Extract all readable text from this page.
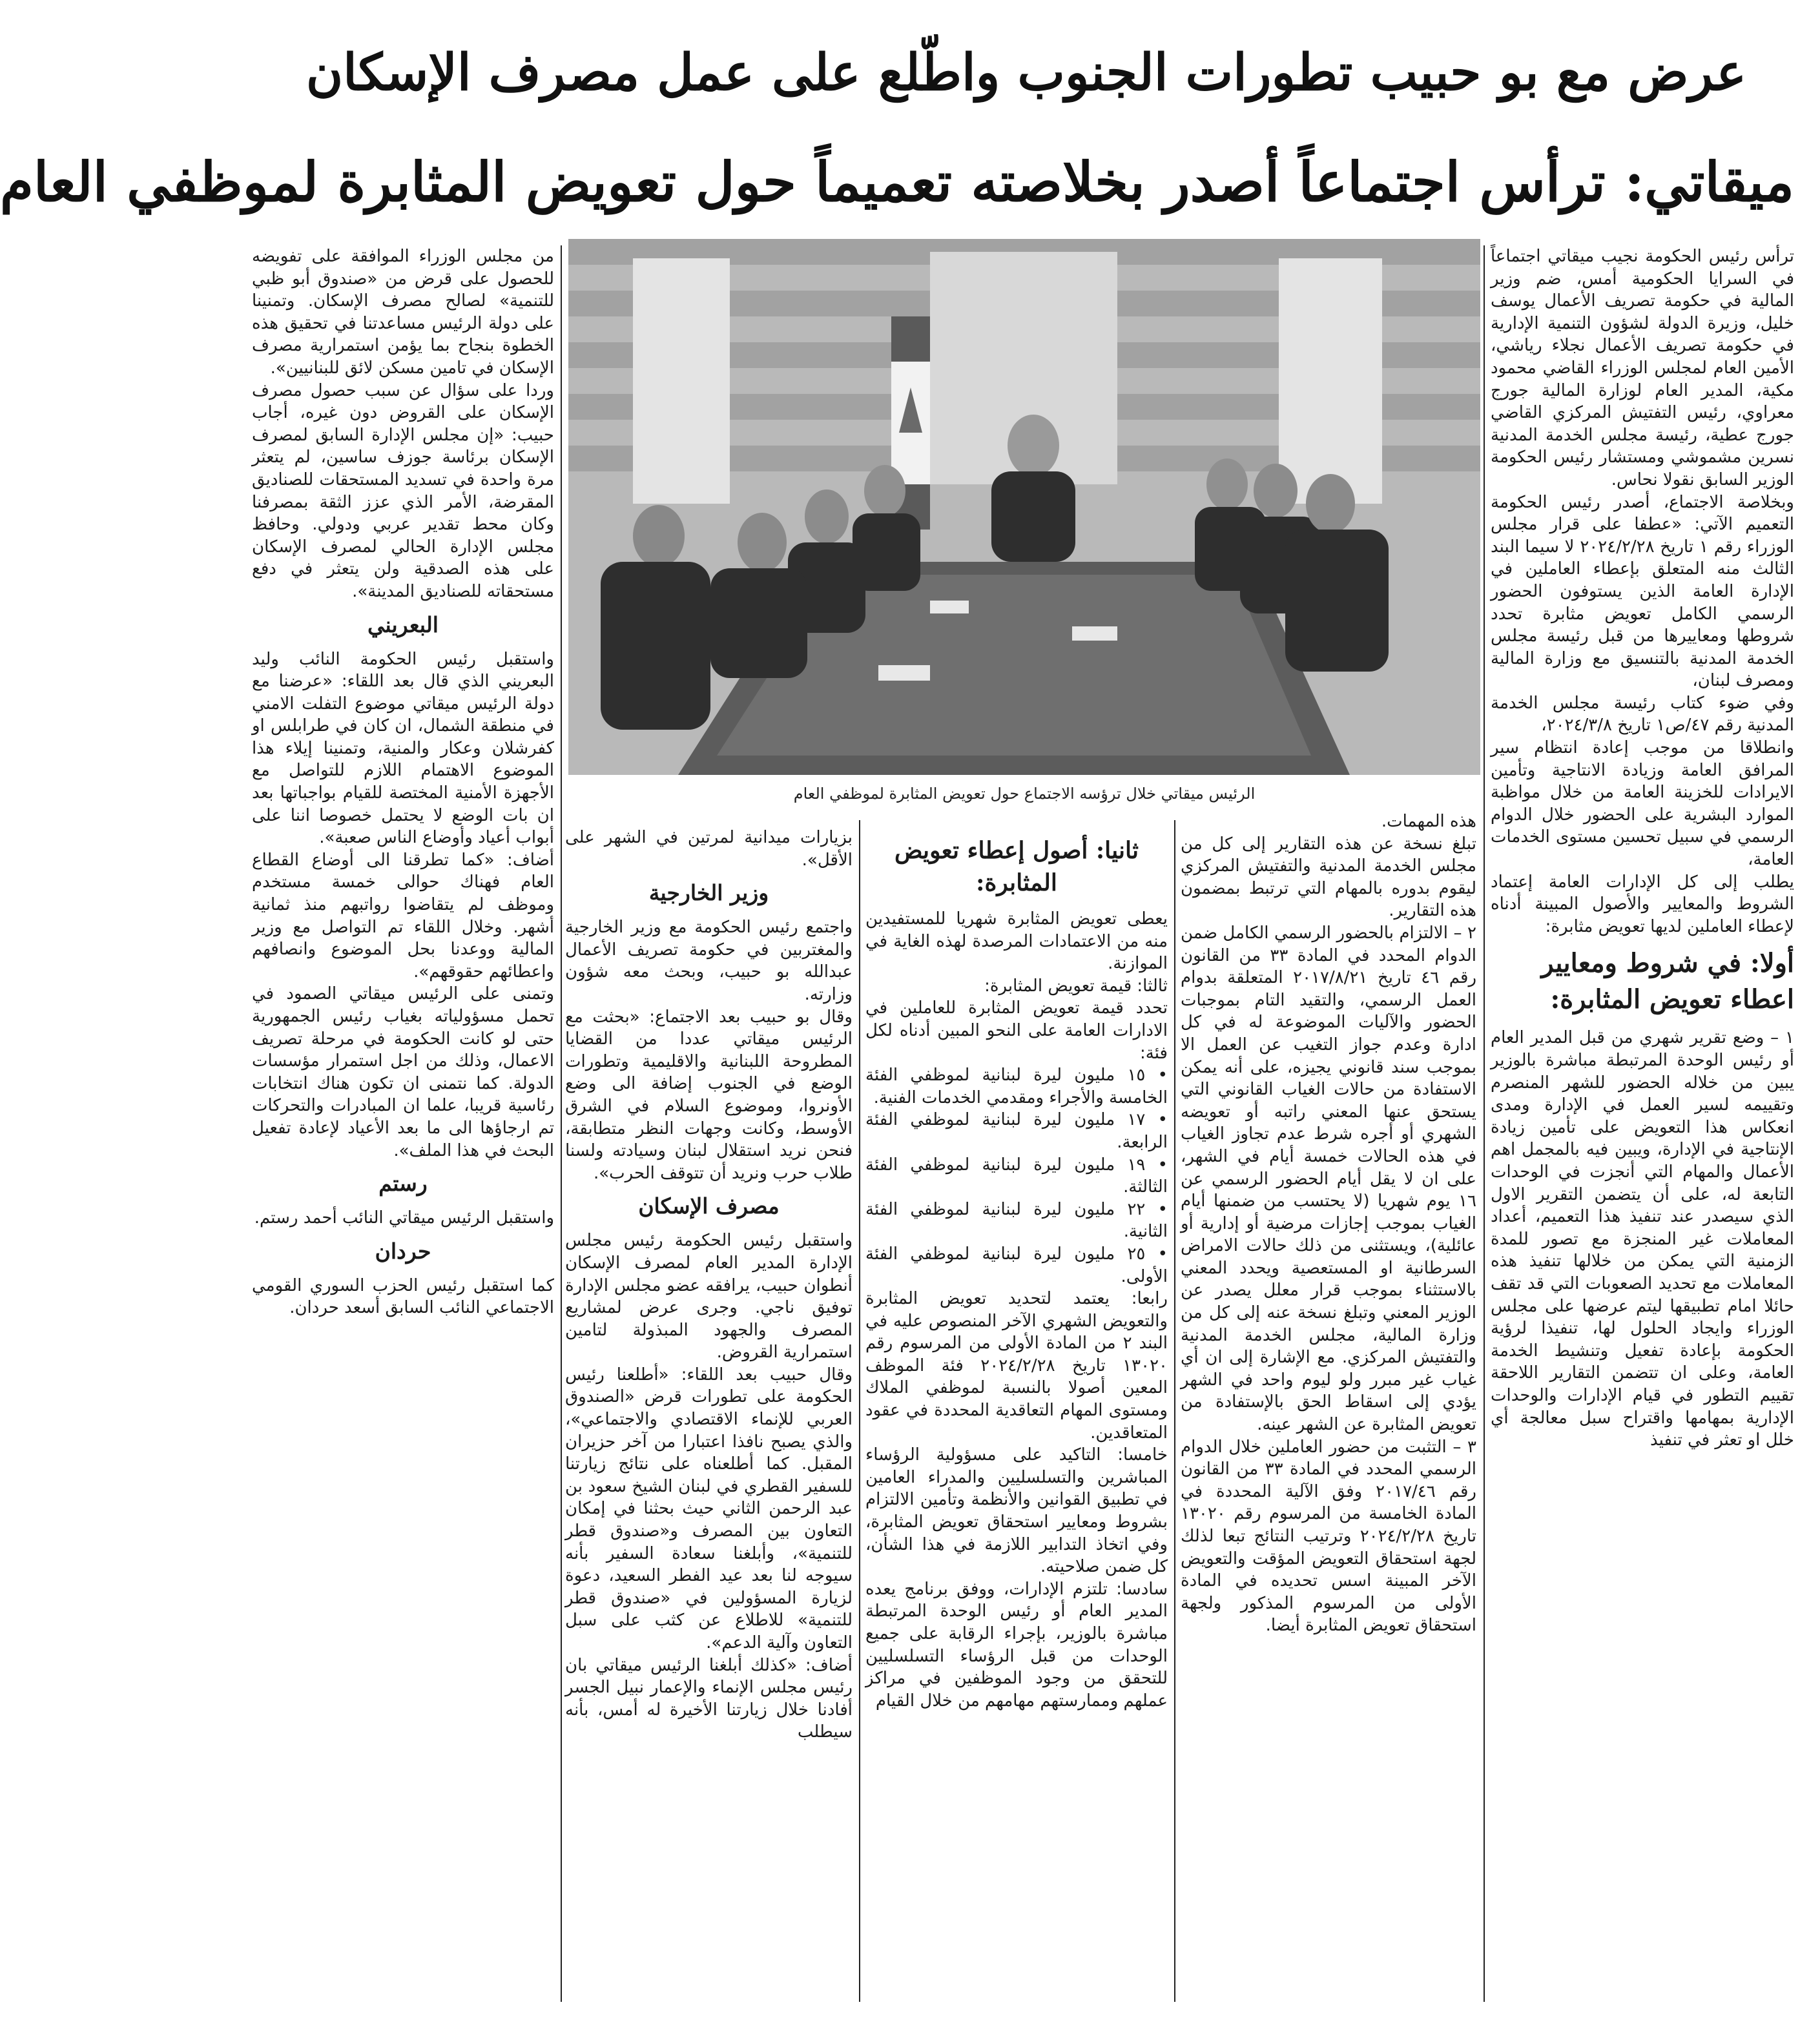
عرض مع بو حبيب تطورات الجنوب واطّلع على عمل مصرف الإسكان
ميقاتي: ترأس اجتماعاً أصدر بخلاصته تعميماً حول تعويض المثابرة لموظفي العام
الرئيس ميقاتي خلال ترؤسه الاجتماع حول تعويض المثابرة لموظفي العام

ترأس رئيس الحكومة نجيب ميقاتي اجتماعاً في السرايا الحكومية أمس، ضم وزير المالية في حكومة تصريف الأعمال يوسف خليل، وزيرة الدولة لشؤون التنمية الإدارية في حكومة تصريف الأعمال نجلاء رياشي، الأمين العام لمجلس الوزراء القاضي محمود مكية، المدير العام لوزارة المالية جورج معراوي، رئيس التفتيش المركزي القاضي جورج عطية، رئيسة مجلس الخدمة المدنية نسرين مشموشي ومستشار رئيس الحكومة الوزير السابق نقولا نحاس.

وبخلاصة الاجتماع، أصدر رئيس الحكومة التعميم الآتي: «عطفا على قرار مجلس الوزراء رقم ١ تاريخ ٢٠٢٤/٢/٢٨ لا سيما البند الثالث منه المتعلق بإعطاء العاملين في الإدارة العامة الذين يستوفون الحضور الرسمي الكامل تعويض مثابرة تحدد شروطها ومعاييرها من قبل رئيسة مجلس الخدمة المدنية بالتنسيق مع وزارة المالية ومصرف لبنان،

وفي ضوء كتاب رئيسة مجلس الخدمة المدنية رقم ٤٧/ص١ تاريخ ٢٠٢٤/٣/٨،

وانطلاقا من موجب إعادة انتظام سير المرافق العامة وزيادة الانتاجية وتأمين الايرادات للخزينة العامة من خلال مواظبة الموارد البشرية على الحضور خلال الدوام الرسمي في سبيل تحسين مستوى الخدمات العامة،

يطلب إلى كل الإدارات العامة إعتماد الشروط والمعايير والأصول المبينة أدناه لإعطاء العاملين لديها تعويض مثابرة:

أولا: في شروط ومعايير اعطاء تعويض المثابرة:

١ – وضع تقرير شهري من قبل المدير العام أو رئيس الوحدة المرتبطة مباشرة بالوزير يبين من خلاله الحضور للشهر المنصرم وتقييمه لسير العمل في الإدارة ومدى انعكاس هذا التعويض على تأمين زيادة الإنتاجية في الإدارة، ويبين فيه بالمجمل اهم الأعمال والمهام التي أنجزت في الوحدات التابعة له، على أن يتضمن التقرير الاول الذي سيصدر عند تنفيذ هذا التعميم، أعداد المعاملات غير المنجزة مع تصور للمدة الزمنية التي يمكن من خلالها تنفيذ هذه المعاملات مع تحديد الصعوبات التي قد تقف حائلا امام تطبيقها ليتم عرضها على مجلس الوزراء وايجاد الحلول لها، تنفيذا لرؤية الحكومة بإعادة تفعيل وتنشيط الخدمة العامة، وعلى ان تتضمن التقارير اللاحقة تقييم التطور في قيام الإدارات والوحدات الإدارية بمهامها واقتراح سبل معالجة أي خلل او تعثر في تنفيذ

هذه المهمات.

تبلغ نسخة عن هذه التقارير إلى كل من مجلس الخدمة المدنية والتفتيش المركزي ليقوم بدوره بالمهام التي ترتبط بمضمون هذه التقارير.

٢ – الالتزام بالحضور الرسمي الكامل ضمن الدوام المحدد في المادة ٣٣ من القانون رقم ٤٦ تاريخ ٢٠١٧/٨/٢١ المتعلقة بدوام العمل الرسمي، والتقيد التام بموجبات الحضور والآليات الموضوعة له في كل ادارة وعدم جواز التغيب عن العمل الا بموجب سند قانوني يجيزه، على أنه يمكن الاستفادة من حالات الغياب القانوني التي يستحق عنها المعني راتبه أو تعويضه الشهري أو أجره شرط عدم تجاوز الغياب في هذه الحالات خمسة أيام في الشهر، على ان لا يقل أيام الحضور الرسمي عن ١٦ يوم شهريا (لا يحتسب من ضمنها أيام الغياب بموجب إجازات مرضية أو إدارية أو عائلية)، ويستثنى من ذلك حالات الامراض السرطانية او المستعصية ويحدد المعني بالاستثناء بموجب قرار معلل يصدر عن الوزير المعني وتبلغ نسخة عنه إلى كل من وزارة المالية، مجلس الخدمة المدنية والتفتيش المركزي. مع الإشارة إلى ان أي غياب غير مبرر ولو ليوم واحد في الشهر يؤدي إلى اسقاط الحق بالإستفادة من تعويض المثابرة عن الشهر عينه.

٣ – التثبت من حضور العاملين خلال الدوام الرسمي المحدد في المادة ٣٣ من القانون رقم ٢٠١٧/٤٦ وفق الآلية المحددة في المادة الخامسة من المرسوم رقم ١٣٠٢٠ تاريخ ٢٠٢٤/٢/٢٨ وترتيب النتائج تبعا لذلك لجهة استحقاق التعويض المؤقت والتعويض الآخر المبينة اسس تحديده في المادة الأولى من المرسوم المذكور ولجهة استحقاق تعويض المثابرة أيضا.

ثانيا: أصول إعطاء تعويض المثابرة:

يعطى تعويض المثابرة شهريا للمستفيدين منه من الاعتمادات المرصدة لهذه الغاية في الموازنة.

ثالثا: قيمة تعويض المثابرة:

تحدد قيمة تعويض المثابرة للعاملين في الادارات العامة على النحو المبين أدناه لكل فئة:

• ١٥ مليون ليرة لبنانية لموظفي الفئة الخامسة والأجراء ومقدمي الخدمات الفنية.

• ١٧ مليون ليرة لبنانية لموظفي الفئة الرابعة.

• ١٩ مليون ليرة لبنانية لموظفي الفئة الثالثة.

• ٢٢ مليون ليرة لبنانية لموظفي الفئة الثانية.

• ٢٥ مليون ليرة لبنانية لموظفي الفئة الأولى.

رابعا: يعتمد لتحديد تعويض المثابرة والتعويض الشهري الآخر المنصوص عليه في البند ٢ من المادة الأولى من المرسوم رقم ١٣٠٢٠ تاريخ ٢٠٢٤/٢/٢٨ فئة الموظف المعين أصولا بالنسبة لموظفي الملاك ومستوى المهام التعاقدية المحددة في عقود المتعاقدين.

خامسا: التاكيد على مسؤولية الرؤساء المباشرين والتسلسليين والمدراء العامين في تطبيق القوانين والأنظمة وتأمين الالتزام بشروط ومعايير استحقاق تعويض المثابرة، وفي اتخاذ التدابير اللازمة في هذا الشأن، كل ضمن صلاحيته.

سادسا: تلتزم الإدارات، ووفق برنامج يعده المدير العام أو رئيس الوحدة المرتبطة مباشرة بالوزير، بإجراء الرقابة على جميع الوحدات من قبل الرؤساء التسلسليين للتحقق من وجود الموظفين في مراكز عملهم وممارستهم مهامهم من خلال القيام

بزيارات ميدانية لمرتين في الشهر على الأقل».

وزير الخارجية

واجتمع رئيس الحكومة مع وزير الخارجية والمغتربين في حكومة تصريف الأعمال عبدالله بو حبيب، وبحث معه شؤون وزارته.

وقال بو حبيب بعد الاجتماع: «بحثت مع الرئيس ميقاتي عددا من القضايا المطروحة اللبنانية والاقليمية وتطورات الوضع في الجنوب إضافة الى وضع الأونروا، وموضوع السلام في الشرق الأوسط، وكانت وجهات النظر متطابقة، فنحن نريد استقلال لبنان وسيادته ولسنا طلاب حرب ونريد أن تتوقف الحرب».

مصرف الإسكان

واستقبل رئيس الحكومة رئيس مجلس الإدارة المدير العام لمصرف الإسكان أنطوان حبيب، يرافقه عضو مجلس الإدارة توفيق ناجي. وجرى عرض لمشاريع المصرف والجهود المبذولة لتامين استمرارية القروض.

وقال حبيب بعد اللقاء: «أطلعنا رئيس الحكومة على تطورات قرض «الصندوق العربي للإنماء الاقتصادي والاجتماعي»، والذي يصبح نافذا اعتبارا من آخر حزيران المقبل. كما أطلعناه على نتائج زيارتنا للسفير القطري في لبنان الشيخ سعود بن عبد الرحمن الثاني حيث بحثنا في إمكان التعاون بين المصرف و«صندوق قطر للتنمية»، وأبلغنا سعادة السفير بأنه سيوجه لنا بعد عيد الفطر السعيد، دعوة لزيارة المسؤولين في «صندوق قطر للتنمية» للاطلاع عن كثب على سبل التعاون وآلية الدعم».

أضاف: «كذلك أبلغنا الرئيس ميقاتي بان رئيس مجلس الإنماء والإعمار نبيل الجسر أفادنا خلال زيارتنا الأخيرة له أمس، بأنه سيطلب

من مجلس الوزراء الموافقة على تفويضه للحصول على قرض من «صندوق أبو ظبي للتنمية» لصالح مصرف الإسكان. وتمنينا على دولة الرئيس مساعدتنا في تحقيق هذه الخطوة بنجاح بما يؤمن استمرارية مصرف الإسكان في تامين مسكن لائق للبنانيين».

وردا على سؤال عن سبب حصول مصرف الإسكان على القروض دون غيره، أجاب حبيب: «إن مجلس الإدارة السابق لمصرف الإسكان برئاسة جوزف ساسين، لم يتعثر مرة واحدة في تسديد المستحقات للصناديق المقرضة، الأمر الذي عزز الثقة بمصرفنا وكان محط تقدير عربي ودولي. وحافظ مجلس الإدارة الحالي لمصرف الإسكان على هذه الصدقية ولن يتعثر في دفع مستحقاته للصناديق المدينة».

البعريني

واستقبل رئيس الحكومة النائب وليد البعريني الذي قال بعد اللقاء: «عرضنا مع دولة الرئيس ميقاتي موضوع التفلت الامني في منطقة الشمال، ان كان في طرابلس او كفرشلان وعكار والمنية، وتمنينا إيلاء هذا الموضوع الاهتمام اللازم للتواصل مع الأجهزة الأمنية المختصة للقيام بواجباتها بعد ان بات الوضع لا يحتمل خصوصا اننا على أبواب أعياد وأوضاع الناس صعبة».

أضاف: «كما تطرقنا الى أوضاع القطاع العام فهناك حوالى خمسة مستخدم وموظف لم يتقاضوا رواتبهم منذ ثمانية أشهر. وخلال اللقاء تم التواصل مع وزير المالية ووعدنا بحل الموضوع وانصافهم واعطائهم حقوقهم».

وتمنى على الرئيس ميقاتي الصمود في تحمل مسؤولياته بغياب رئيس الجمهورية حتى لو كانت الحكومة في مرحلة تصريف الاعمال، وذلك من اجل استمرار مؤسسات الدولة. كما نتمنى ان تكون هناك انتخابات رئاسية قريبا، علما ان المبادرات والتحركات تم ارجاؤها الى ما بعد الأعياد لإعادة تفعيل البحث في هذا الملف».

رستم

واستقبل الرئيس ميقاتي النائب أحمد رستم.

حردان

كما استقبل رئيس الحزب السوري القومي الاجتماعي النائب السابق أسعد حردان.
